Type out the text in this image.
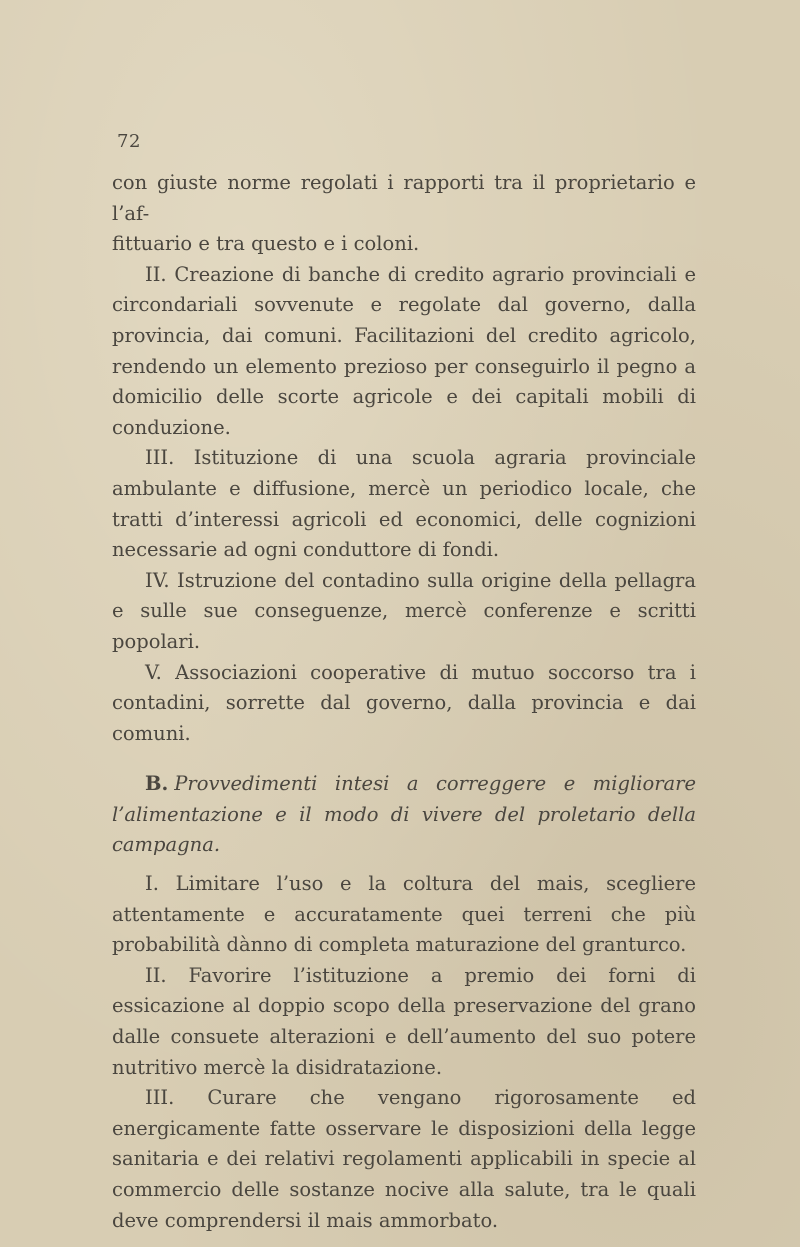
72

con giuste norme regolati i rapporti tra il proprietario e l’af-

fittuario e tra questo e i coloni.

II. Creazione di banche di credito agrario provinciali e circondariali sovvenute e regolate dal governo, dalla provincia, dai comuni. Facilitazioni del credito agricolo, rendendo un elemento prezioso per conseguirlo il pegno a domicilio delle scorte agricole e dei capitali mobili di conduzione.

III. Istituzione di una scuola agraria provinciale ambulante e diffusione, mercè un periodico locale, che tratti d’interessi agricoli ed economici, delle cognizioni necessarie ad ogni conduttore di fondi.

IV. Istruzione del contadino sulla origine della pellagra e sulle sue conseguenze, mercè conferenze e scritti popolari.

V. Associazioni cooperative di mutuo soccorso tra i contadini, sorrette dal governo, dalla provincia e dai comuni.

B. Provvedimenti intesi a correggere e migliorare l’alimentazione e il modo di vivere del proletario della campagna.

I. Limitare l’uso e la coltura del mais, scegliere attentamente e accuratamente quei terreni che più probabilità dànno di completa maturazione del granturco.

II. Favorire l’istituzione a premio dei forni di essicazione al doppio scopo della preservazione del grano dalle consuete alterazioni e dell’aumento del suo potere nutritivo mercè la disidratazione.

III. Curare che vengano rigorosamente ed energicamente fatte osservare le disposizioni della legge sanitaria e dei relativi regolamenti applicabili in specie al commercio delle sostanze nocive alla salute, tra le quali deve comprendersi il mais ammorbato.
